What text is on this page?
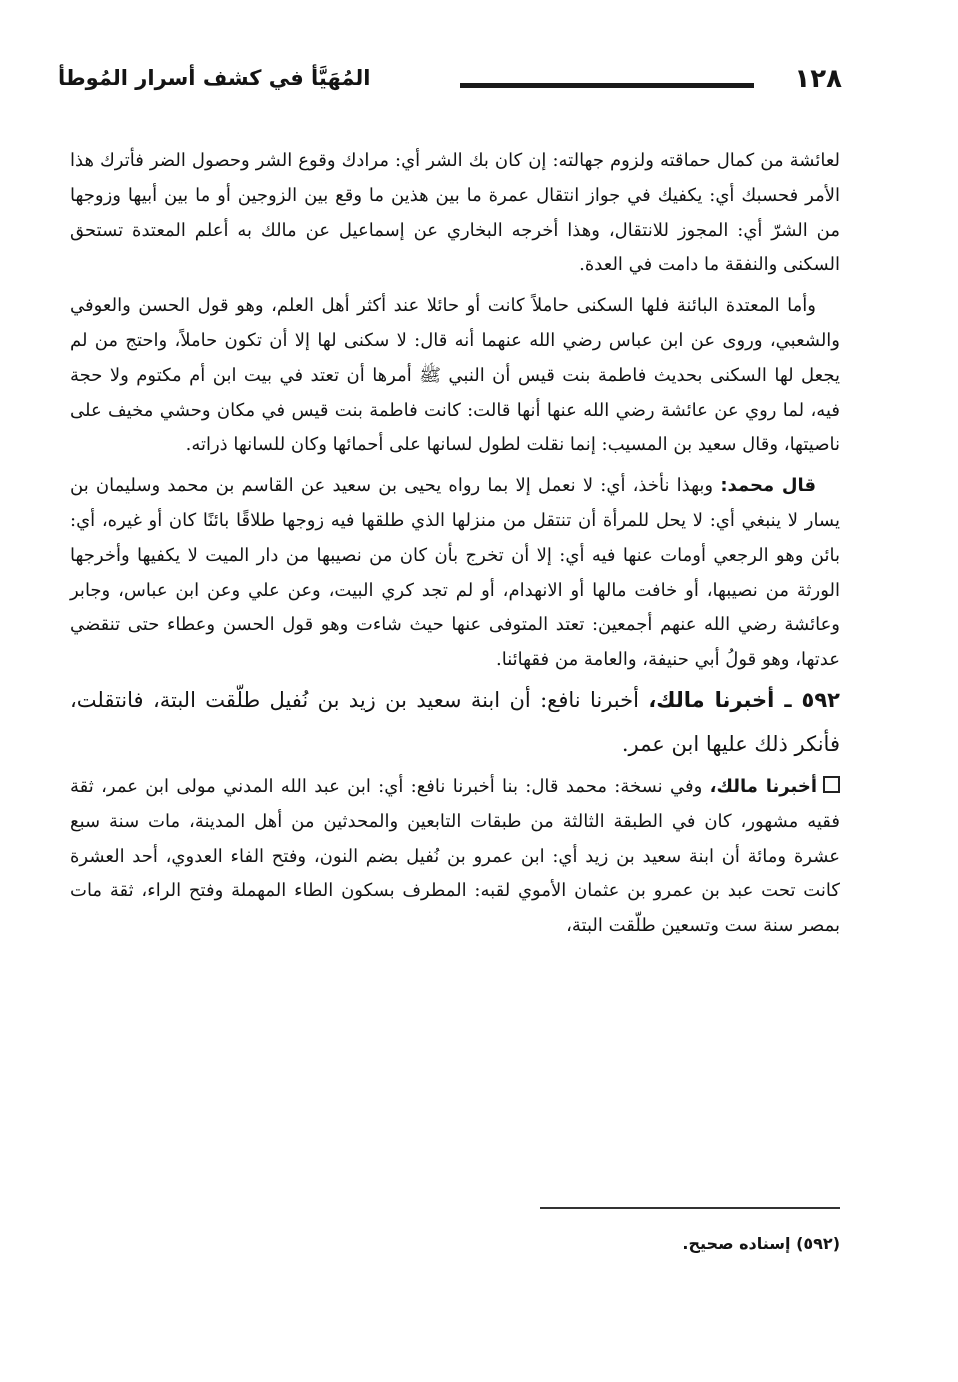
١٢٨
المُهَيَّأ في كشف أسرار المُوطأ

لعائشة من كمال حماقته ولزوم جهالته: إن كان بك الشر أي: مرادك وقوع الشر وحصول الضر فأترك هذا الأمر فحسبك أي: يكفيك في جواز انتقال عمرة ما بين هذين ما وقع بين الزوجين أو ما بين أبيها وزوجها من الشرّ أي: المجوز للانتقال، وهذا أخرجه البخاري عن إسماعيل عن مالك به أعلم المعتدة تستحق السكنى والنفقة ما دامت في العدة.

وأما المعتدة البائنة فلها السكنى حاملاً كانت أو حائلا عند أكثر أهل العلم، وهو قول الحسن والعوفي والشعبي، وروى عن ابن عباس رضي الله عنهما أنه قال: لا سكنى لها إلا أن تكون حاملاً، واحتج من لم يجعل لها السكنى بحديث فاطمة بنت قيس أن النبي ﷺ أمرها أن تعتد في بيت ابن أم مكتوم ولا حجة فيه، لما روي عن عائشة رضي الله عنها أنها قالت: كانت فاطمة بنت قيس في مكان وحشي مخيف على ناصيتها، وقال سعيد بن المسيب: إنما نقلت لطول لسانها على أحمائها وكان للسانها ذراته.

قال محمد: وبهذا نأخذ، أي: لا نعمل إلا بما رواه يحيى بن سعيد عن القاسم بن محمد وسليمان بن يسار لا ينبغي أي: لا يحل للمرأة أن تنتقل من منزلها الذي طلقها فيه زوجها طلاقًا بائنًا كان أو غيره، أي: بائن وهو الرجعي أومات عنها فيه أي: إلا أن تخرج بأن كان من نصيبها من دار الميت لا يكفيها وأخرجها الورثة من نصيبها، أو خافت مالها أو الانهدام، أو لم تجد كري البيت، وعن علي وعن ابن عباس، وجابر وعائشة رضي الله عنهم أجمعين: تعتد المتوفى عنها حيث شاءت وهو قول الحسن وعطاء حتى تنقضي عدتها، وهو قولُ أبي حنيفة، والعامة من فقهائنا.

٥٩٢ ـ أخبرنا مالك، أخبرنا نافع: أن ابنة سعيد بن زيد بن نُفيل طلّقت البتة، فانتقلت، فأنكر ذلك عليها ابن عمر.

أخبرنا مالك، وفي نسخة: محمد قال: بنا أخبرنا نافع: أي: ابن عبد الله المدني مولى ابن عمر، ثقة فقيه مشهور، كان في الطبقة الثالثة من طبقات التابعين والمحدثين من أهل المدينة، مات سنة سبع عشرة ومائة أن ابنة سعيد بن زيد أي: ابن عمرو بن نُفيل بضم النون، وفتح الفاء العدوي، أحد العشرة كانت تحت عبد بن عمرو بن عثمان الأموي لقبه: المطرف بسكون الطاء المهملة وفتح الراء، ثقة مات بمصر سنة ست وتسعين طلّقت البتة،

(٥٩٢) إسناده صحيح.
